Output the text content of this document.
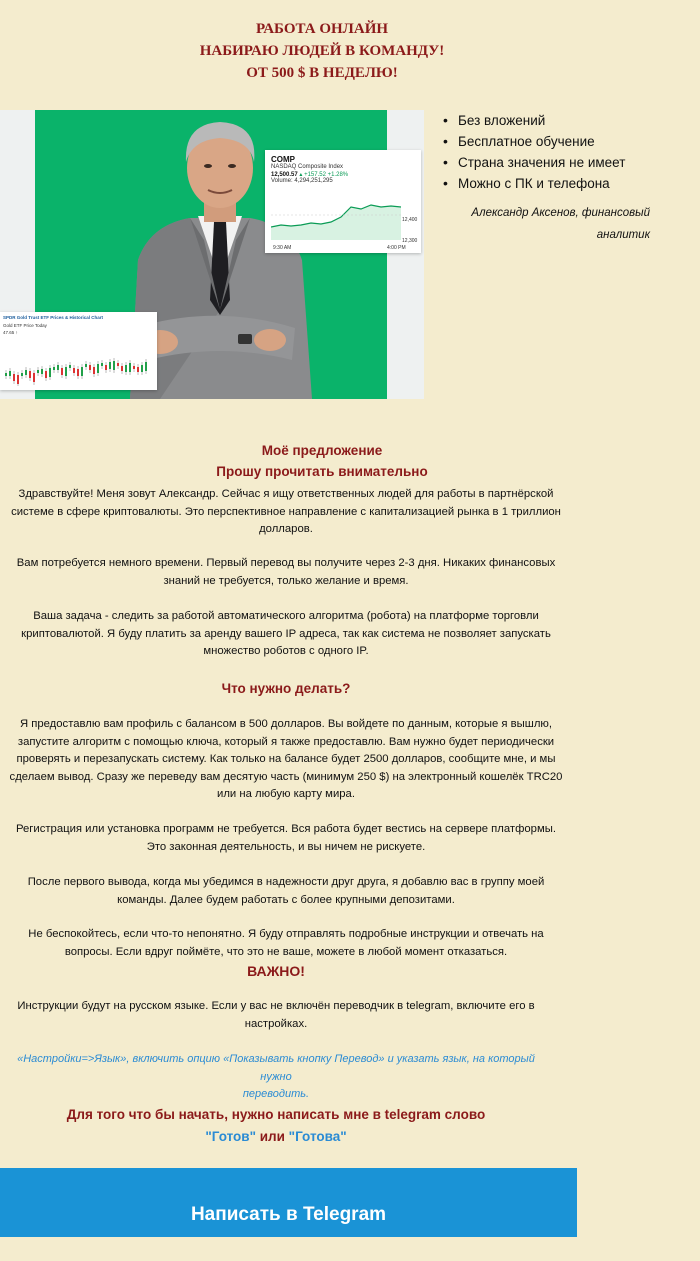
РАБОТА ОНЛАЙН
НАБИРАЮ ЛЮДЕЙ В КОМАНДУ!
ОТ 500 $ В НЕДЕЛЮ!
COMP
NASDAQ Composite Index
12,500.57 ▴ +157.52 +1.28%
Volume: 4,294,251,295
12,400
12,300
9:30 AM	4:00 PM
SPDR Gold Trust ETF Prices & Historical Chart
Gold ETF Price Today
47.65 ↑
• Без вложений
• Бесплатное обучение
• Страна значения не имеет
• Можно с ПК и телефона
Александр Аксенов, финансовый
аналитик
Моё предложение
Прошу прочитать внимательно
Здравствуйте! Меня зовут Александр. Сейчас я ищу ответственных людей для работы в партнёрской
системе в сфере криптовалюты. Это перспективное направление с капитализацией рынка в 1 триллион
долларов.
Вам потребуется немного времени. Первый перевод вы получите через 2-3 дня. Никаких финансовых
знаний не требуется, только желание и время.
Ваша задача - следить за работой автоматического алгоритма (робота) на платформе торговли
криптовалютой. Я буду платить за аренду вашего IP адреса, так как система не позволяет запускать
множество роботов с одного IP.
Что нужно делать?
Я предоставлю вам профиль с балансом в 500 долларов. Вы войдете по данным, которые я вышлю,
запустите алгоритм с помощью ключа, который я также предоставлю. Вам нужно будет периодически
проверять и перезапускать систему. Как только на балансе будет 2500 долларов, сообщите мне, и мы
сделаем вывод. Сразу же переведу вам десятую часть (минимум 250 $) на электронный кошелёк TRC20
или на любую карту мира.
Регистрация или установка программ не требуется. Вся работа будет вестись на сервере платформы.
Это законная деятельность, и вы ничем не рискуете.
После первого вывода, когда мы убедимся в надежности друг друга, я добавлю вас в группу моей
команды. Далее будем работать с более крупными депозитами.
Не беспокойтесь, если что-то непонятно. Я буду отправлять подробные инструкции и отвечать на
вопросы. Если вдруг поймёте, что это не ваше, можете в любой момент отказаться.
ВАЖНО!
Инструкции будут на русском языке. Если у вас не включён переводчик в telegram, включите его в
настройках.
«Настройки=>Язык», включить опцию «Показывать кнопку Перевод» и указать язык, на который нужно
переводить.
Для того что бы начать, нужно написать мне в telegram слово
"Готов" или "Готова"
Написать в Telegram
